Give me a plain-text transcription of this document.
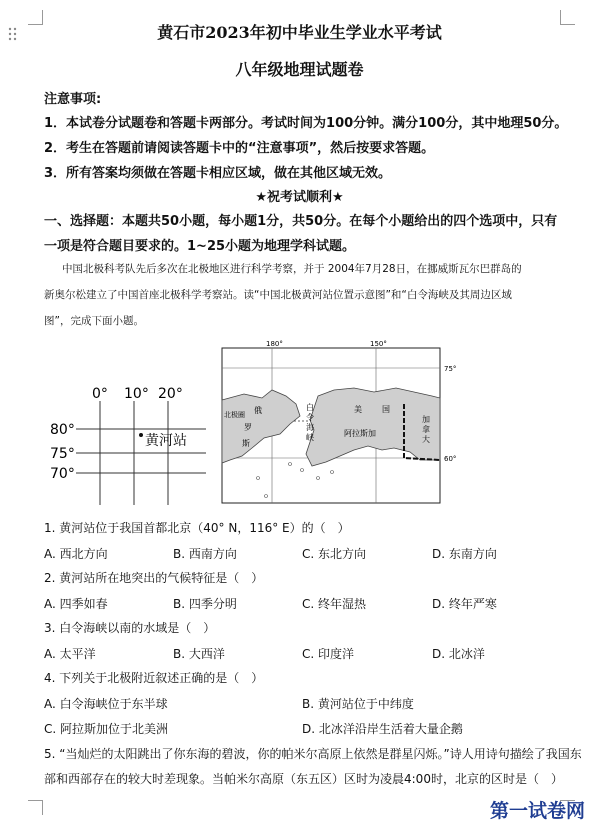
黄石市2023年初中毕业生学业水平考试
八年级地理试题卷
注意事项:
1．本试卷分试题卷和答题卡两部分。考试时间为100分钟。满分100分，其中地理50分。
2．考生在答题前请阅读答题卡中的“注意事项”，然后按要求答题。
3．所有答案均须做在答题卡相应区域，做在其他区域无效。
★祝考试顺利★
一、选择题：本题共50小题，每小题1分，共50分。在每个小题给出的四个选项中，只有
一项是符合题目要求的。1~25小题为地理学科试题。
中国北极科考队先后多次在北极地区进行科学考察，并于 2004年7月28日，在挪威斯瓦尔巴群岛的
新奥尔松建立了中国首座北极科学考察站。读“中国北极黄河站位置示意图”和“白令海峡及其周边区域
图”，完成下面小题。
0° 10° 20°
80°
75°
70°
黄河站
180°	150°
75°
60°
俄
罗
斯
北极圈
白
令
海
峡
美	国
阿拉斯加
加
拿
大
1. 黄河站位于我国首都北京（40° N，116° E）的（　）
A. 西北方向	B. 西南方向	C. 东北方向	D. 东南方向
2. 黄河站所在地突出的气候特征是（　）
A. 四季如春	B. 四季分明	C. 终年湿热	D. 终年严寒
3. 白令海峡以南的水域是（　）
A. 太平洋	B. 大西洋	C. 印度洋	D. 北冰洋
4. 下列关于北极附近叙述正确的是（　）
A. 白令海峡位于东半球	B. 黄河站位于中纬度
C. 阿拉斯加位于北美洲	D. 北冰洋沿岸生活着大量企鹅
5. “当灿烂的太阳跳出了你东海的碧波，你的帕米尔高原上依然是群星闪烁。”诗人用诗句描绘了我国东
部和西部存在的较大时差现象。当帕米尔高原（东五区）区时为凌晨4:00时，北京的区时是（　）
第一试卷网
